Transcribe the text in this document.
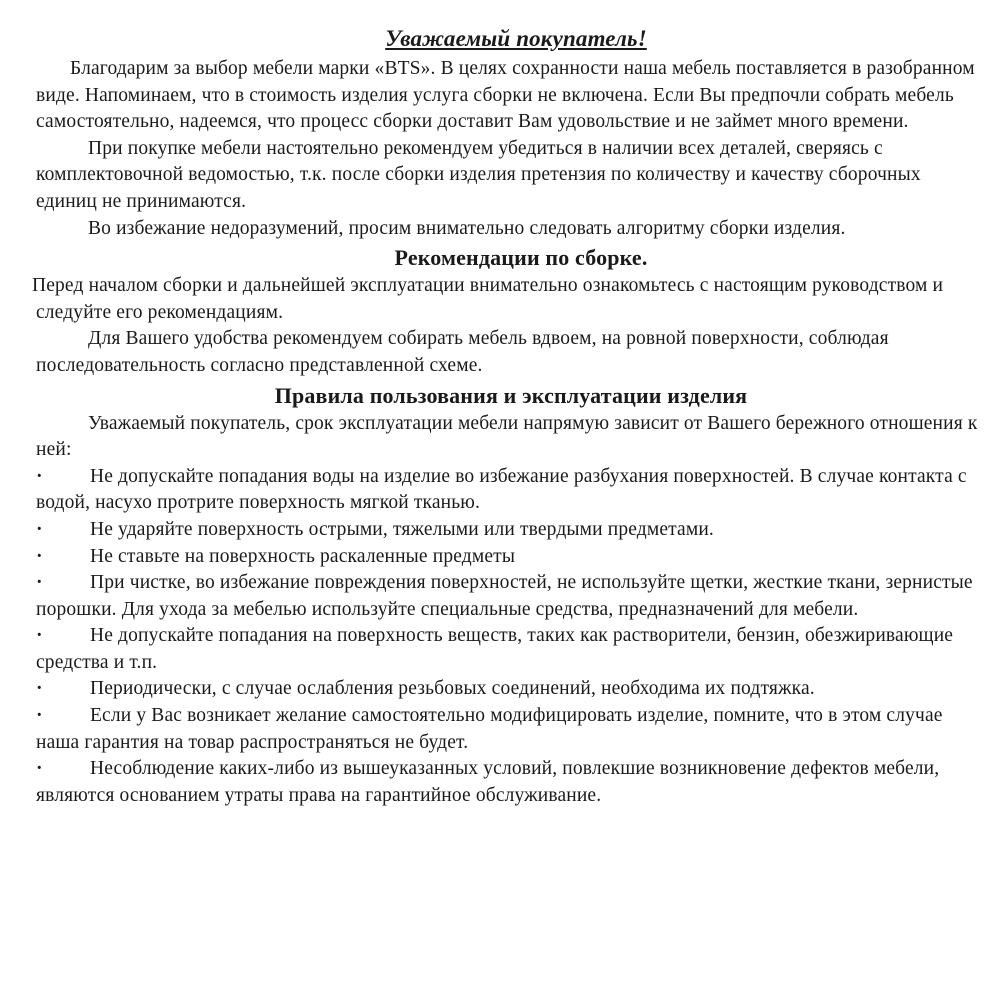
Уважаемый покупатель!

Благодарим за выбор мебели марки «BTS». В целях сохранности наша мебель поставляется в разобранном виде. Напоминаем, что в стоимость изделия услуга сборки не включена. Если Вы предпочли собрать мебель самостоятельно, надеемся, что процесс сборки доставит Вам удовольствие и не займет много времени.

При покупке мебели настоятельно рекомендуем убедиться в наличии всех деталей, сверяясь с комплектовочной ведомостью, т.к. после сборки изделия претензия по количеству и качеству сборочных единиц не принимаются.

Во избежание недоразумений, просим внимательно следовать алгоритму сборки изделия.

Рекомендации по сборке.

Перед началом сборки и дальнейшей эксплуатации внимательно ознакомьтесь с настоящим руководством и следуйте его рекомендациям.

Для Вашего удобства рекомендуем собирать мебель вдвоем, на ровной поверхности, соблюдая последовательность согласно представленной схеме.

Правила пользования и эксплуатации изделия

Уважаемый покупатель, срок эксплуатации мебели напрямую зависит от Вашего бережного отношения к ней:

· Не допускайте попадания воды на изделие во избежание разбухания поверхностей. В случае контакта с водой, насухо протрите поверхность мягкой тканью.

· Не ударяйте поверхность острыми, тяжелыми или твердыми предметами.

· Не ставьте на поверхность раскаленные предметы

· При чистке, во избежание повреждения поверхностей, не используйте щетки, жесткие ткани, зернистые порошки. Для ухода за мебелью используйте специальные средства, предназначений для мебели.

· Не допускайте попадания на поверхность веществ, таких как растворители, бензин, обезжиривающие средства и т.п.

· Периодически, с случае ослабления резьбовых соединений, необходима их подтяжка.

· Если у Вас возникает желание самостоятельно модифицировать изделие, помните, что в этом случае наша гарантия на товар распространяться не будет.

· Несоблюдение каких-либо из вышеуказанных условий, повлекшие возникновение дефектов мебели, являются основанием утраты права на гарантийное обслуживание.
